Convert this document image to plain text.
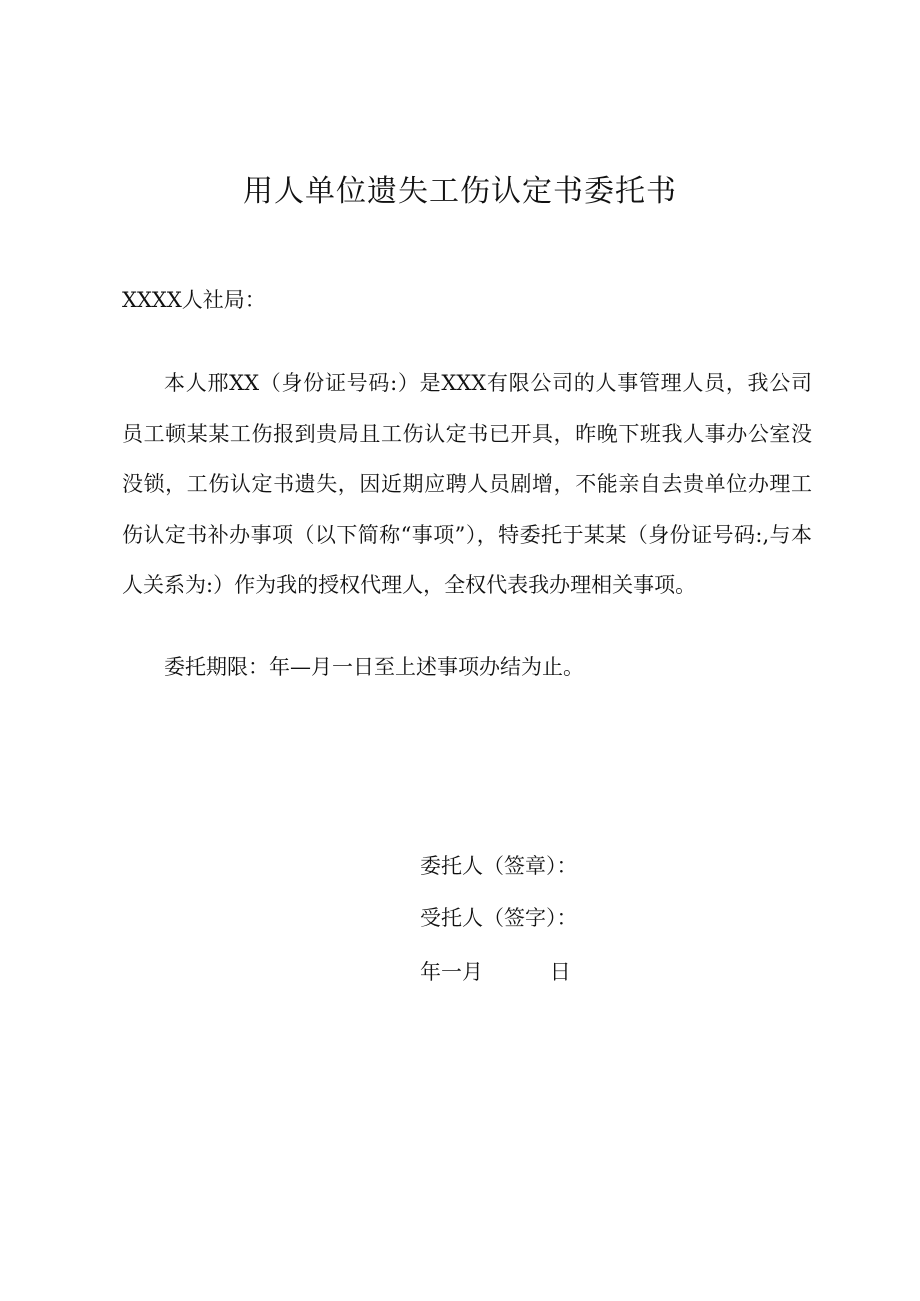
用人单位遗失工伤认定书委托书
XXXX人社局：

本人邢XX（身份证号码:）是XXX有限公司的人事管理人员，我公司员工顿某某工伤报到贵局且工伤认定书已开具，昨晚下班我人事办公室没没锁，工伤认定书遗失，因近期应聘人员剧增，不能亲自去贵单位办理工伤认定书补办事项（以下简称“事项”），特委托于某某（身份证号码:,与本人关系为:）作为我的授权代理人，全权代表我办理相关事项。

委托期限：年—月一日至上述事项办结为止。

委托人（签章）：
受托人（签字）：
年一月          日
